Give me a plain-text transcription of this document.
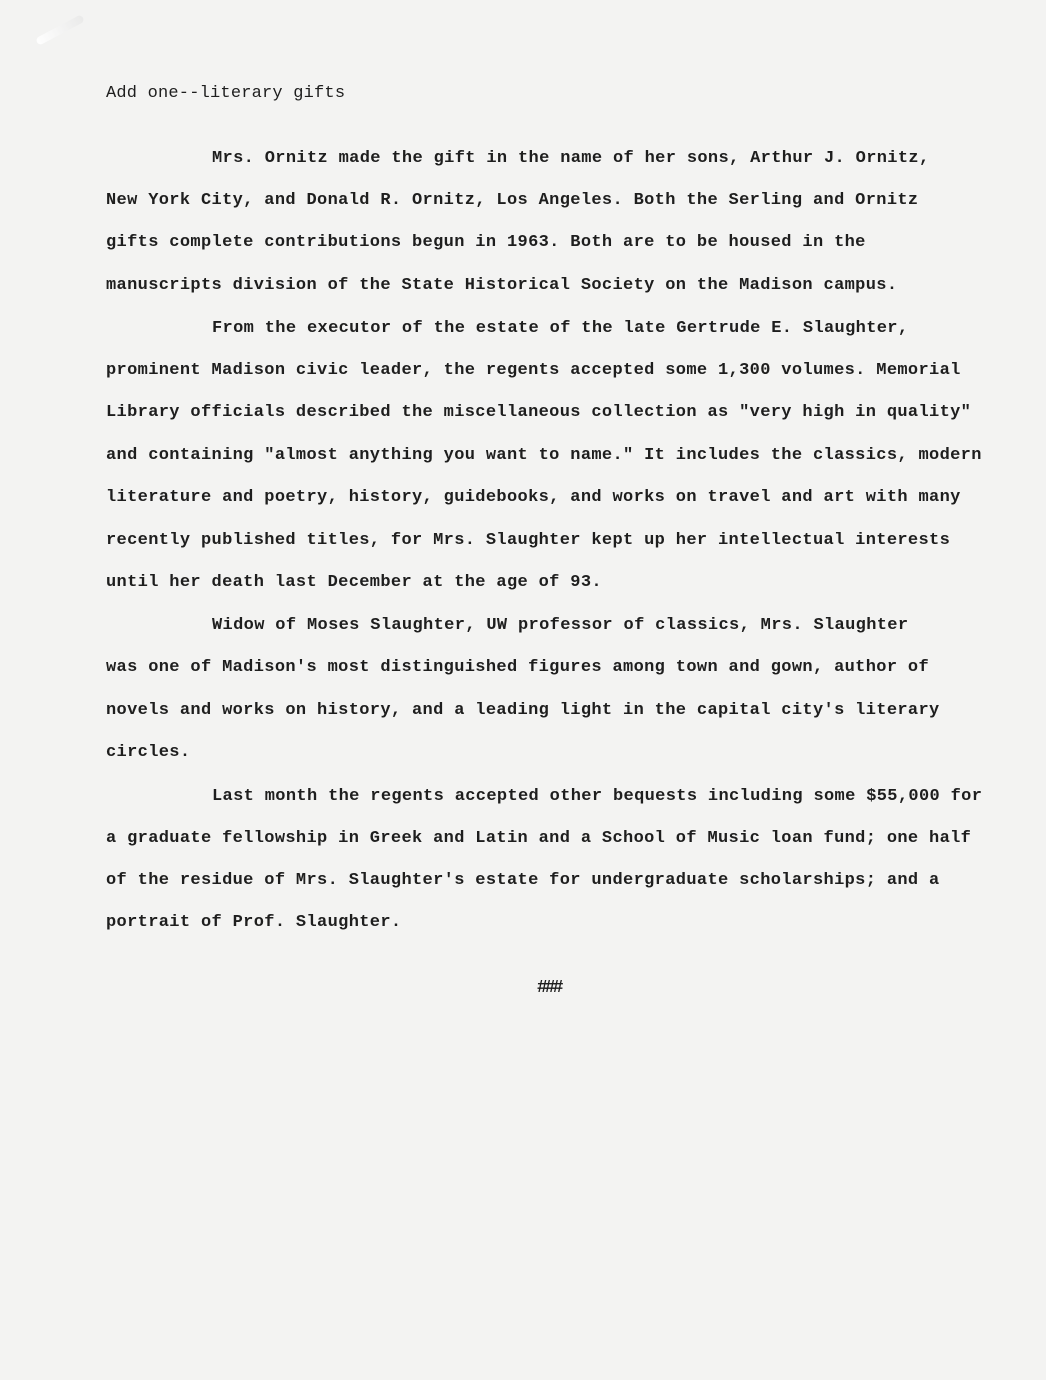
Add one--literary gifts
Mrs. Ornitz made the gift in the name of her sons, Arthur J. Ornitz,
New York City, and Donald R. Ornitz, Los Angeles. Both the Serling and Ornitz
gifts complete contributions begun in 1963. Both are to be housed in the
manuscripts division of the State Historical Society on the Madison campus.
From the executor of the estate of the late Gertrude E. Slaughter,
prominent Madison civic leader, the regents accepted some 1,300 volumes. Memorial
Library officials described the miscellaneous collection as "very high in quality"
and containing "almost anything you want to name." It includes the classics, modern
literature and poetry, history, guidebooks, and works on travel and art with many
recently published titles, for Mrs. Slaughter kept up her intellectual interests
until her death last December at the age of 93.
Widow of Moses Slaughter, UW professor of classics, Mrs. Slaughter
was one of Madison's most distinguished figures among town and gown, author of
novels and works on history, and a leading light in the capital city's literary
circles.
Last month the regents accepted other bequests including some $55,000 for
a graduate fellowship in Greek and Latin and a School of Music loan fund; one half
of the residue of Mrs. Slaughter's estate for undergraduate scholarships; and a
portrait of Prof. Slaughter.
###
